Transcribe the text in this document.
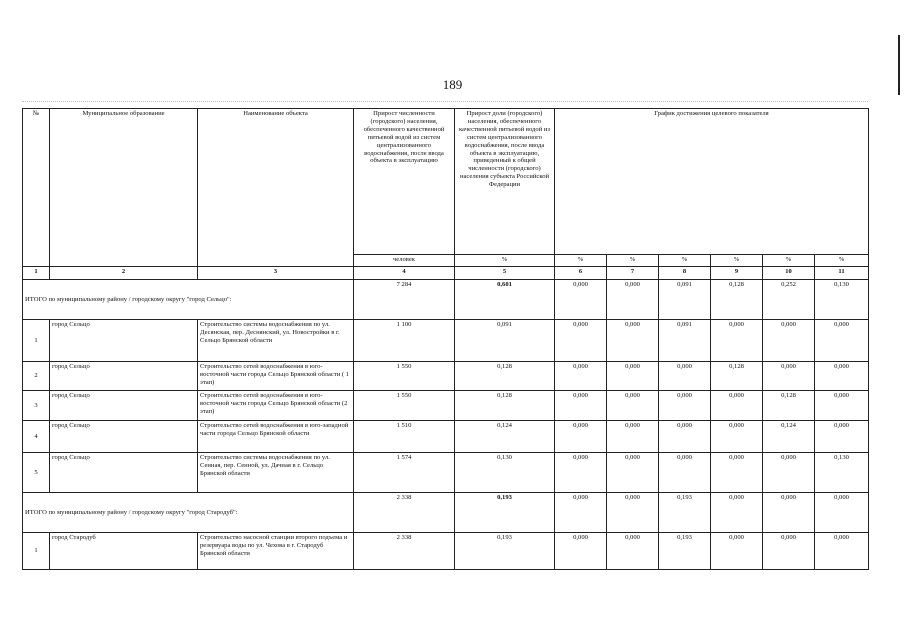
189
№	Муниципальное образование	Наименование объекта	Прирост численности (городского) населения, обеспеченного качественной питьевой водой из систем централизованного водоснабжения, после ввода объекта в эксплуатацию	Прирост доли (городского) населения, обеспеченного качественной питьевой водой из систем централизованного водоснабжения, после ввода объекта в эксплуатацию, приведенный к общей численности (городского) населения субъекта Российской Федерации	График достижения целевого показателя					
			человек	%	%	%	%	%	%	%
1	2	3	4	5	6	7	8	9	10	11
ИТОГО по муниципальному району / городскому округу "город Сельцо":			7 284	0,601	0,000	0,000	0,091	0,128	0,252	0,130
1	город Сельцо	Строительство системы водоснабжения по ул. Десянская, пер. Деснянский, ул. Новостройки в г. Сельцо Брянской области	1 100	0,091	0,000	0,000	0,091	0,000	0,000	0,000
2	город Сельцо	Строительство сетей водоснабжения в юго-восточной части города Сельцо Брянской области ( 1 этап)	1 550	0,128	0,000	0,000	0,000	0,128	0,000	0,000
3	город Сельцо	Строительство сетей водоснабжения в юго-восточной части города Сельцо Брянской области (2 этап)	1 550	0,128	0,000	0,000	0,000	0,000	0,128	0,000
4	город Сельцо	Строительство сетей водоснабжения в юго-западной части города Сельцо Брянской области	1 510	0,124	0,000	0,000	0,000	0,000	0,124	0,000
5	город Сельцо	Строительство системы водоснабжения по ул. Сенная, пер. Сенной, ул. Дачная в г. Сельцо Брянской области	1 574	0,130	0,000	0,000	0,000	0,000	0,000	0,130
ИТОГО по муниципальному району / городскому округу "город Стародуб":			2 338	0,193	0,000	0,000	0,193	0,000	0,000	0,000
1	город Стародуб	Строительство насосной станции второго подъема и резервуара воды по ул. Чехова в г. Стародуб Брянской области	2 338	0,193	0,000	0,000	0,193	0,000	0,000	0,000
